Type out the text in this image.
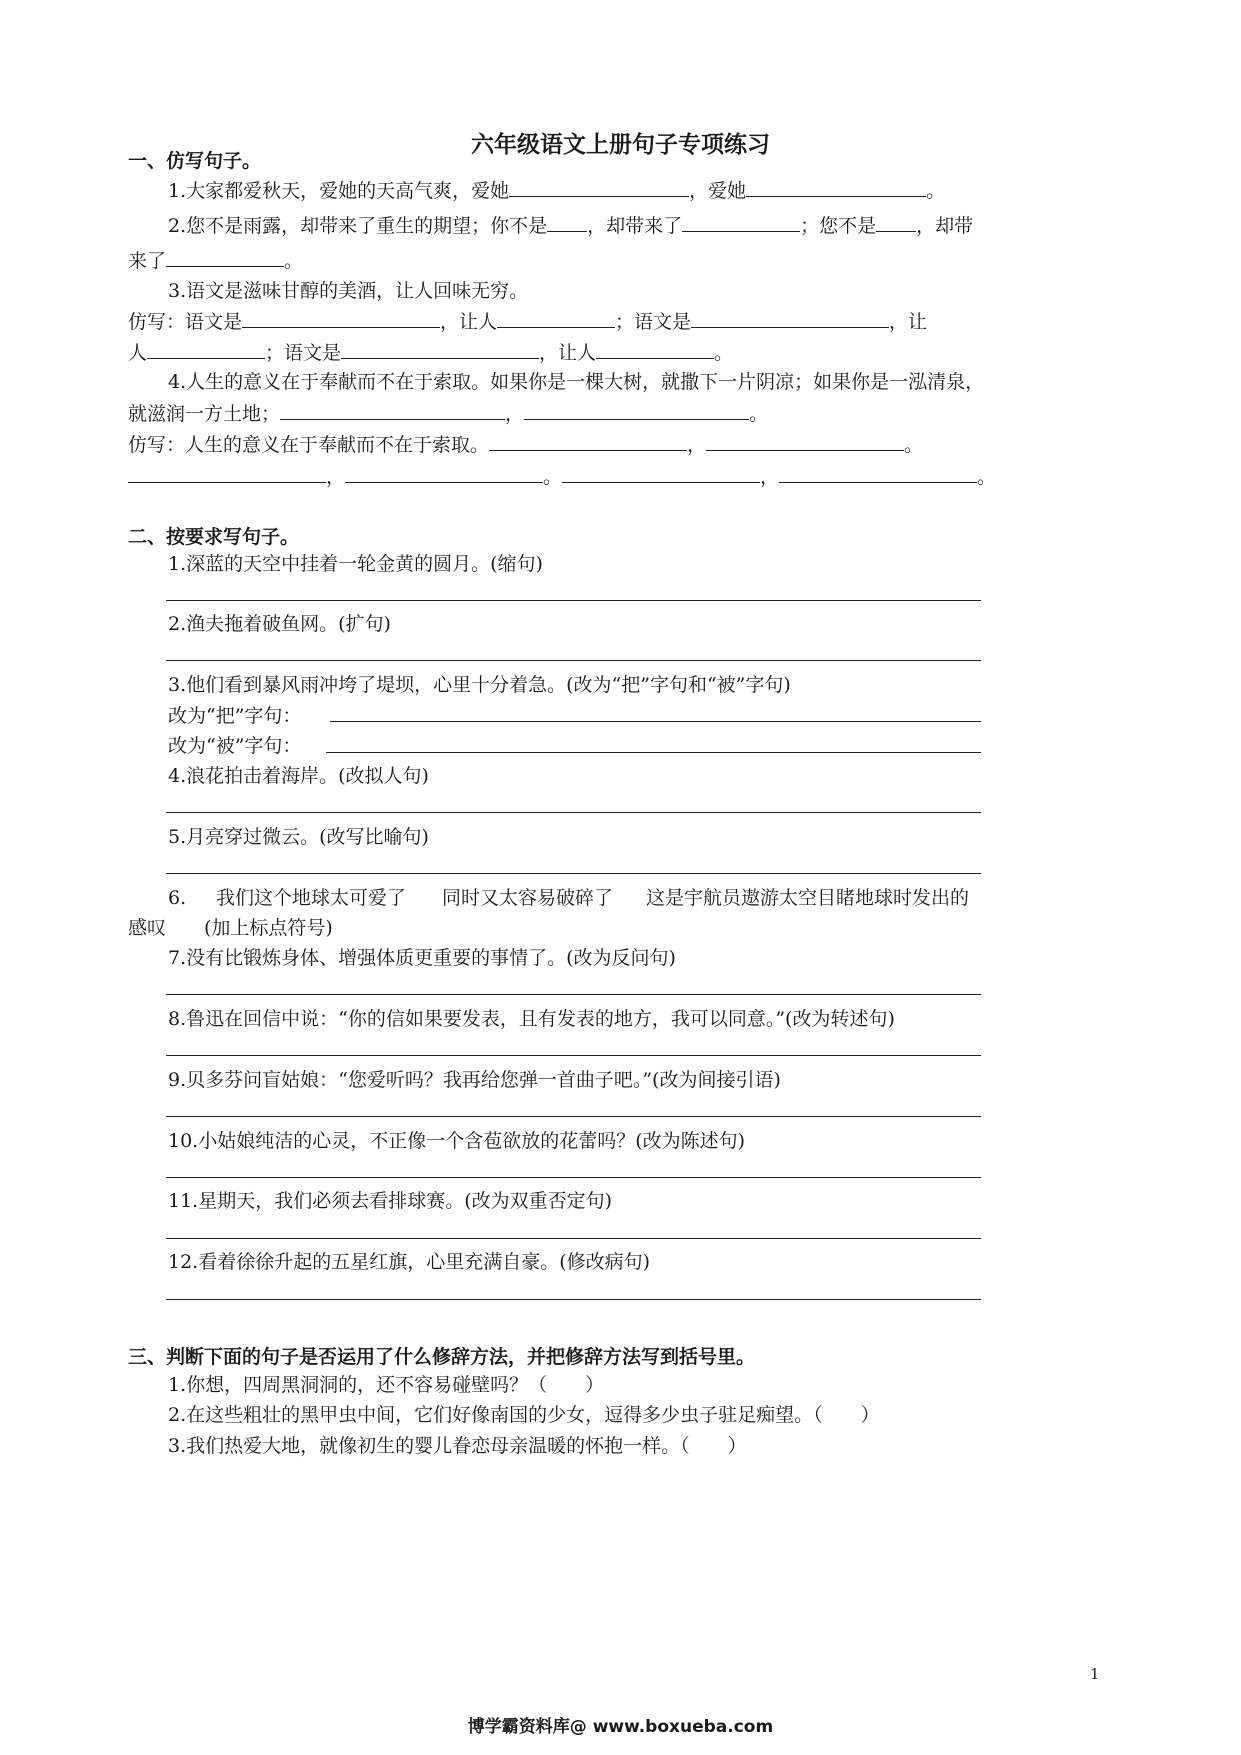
六年级语文上册句子专项练习
一、仿写句子。
1.大家都爱秋天，爱她的天高气爽，爱她	，爱她	。
2.您不是雨露，却带来了重生的期望；你不是 ，却带来了	；您不是 ，却带
来了	。
3.语文是滋味甘醇的美酒，让人回味无穷。
仿写：语文是	，让人	；语文是	，让
人	；语文是	，让人	。
4.人生的意义在于奉献而不在于索取。如果你是一棵大树，就撒下一片阴凉；如果你是一泓清泉，
就滋润一方土地；	，	。
仿写：人生的意义在于奉献而不在于索取。	，	。
，	。	，	。
二、按要求写句子。
1.深蓝的天空中挂着一轮金黄的圆月。(缩句)
2.渔夫拖着破鱼网。(扩句)
3.他们看到暴风雨冲垮了堤坝，心里十分着急。(改为“把”字句和“被”字句)
改为“把”字句：
改为“被”字句：
4.浪花拍击着海岸。(改拟人句)
5.月亮穿过微云。(改写比喻句)
6. 我们这个地球太可爱了 同时又太容易破碎了 这是宇航员遨游太空目睹地球时发出的
感叹 (加上标点符号)
7.没有比锻炼身体、增强体质更重要的事情了。(改为反问句)
8.鲁迅在回信中说：“你的信如果要发表，且有发表的地方，我可以同意。”(改为转述句)
9.贝多芬问盲姑娘：“您爱听吗？我再给您弹一首曲子吧。”(改为间接引语)
10.小姑娘纯洁的心灵，不正像一个含苞欲放的花蕾吗？(改为陈述句)
11.星期天，我们必须去看排球赛。(改为双重否定句)
12.看着徐徐升起的五星红旗，心里充满自豪。(修改病句)
三、判断下面的句子是否运用了什么修辞方法，并把修辞方法写到括号里。
1.你想，四周黑洞洞的，还不容易碰壁吗？（　　）
2.在这些粗壮的黑甲虫中间，它们好像南国的少女，逗得多少虫子驻足痴望。（　　）
3.我们热爱大地，就像初生的婴儿眷恋母亲温暖的怀抱一样。（　　）
1
博学霸资料库@ www.boxueba.com
